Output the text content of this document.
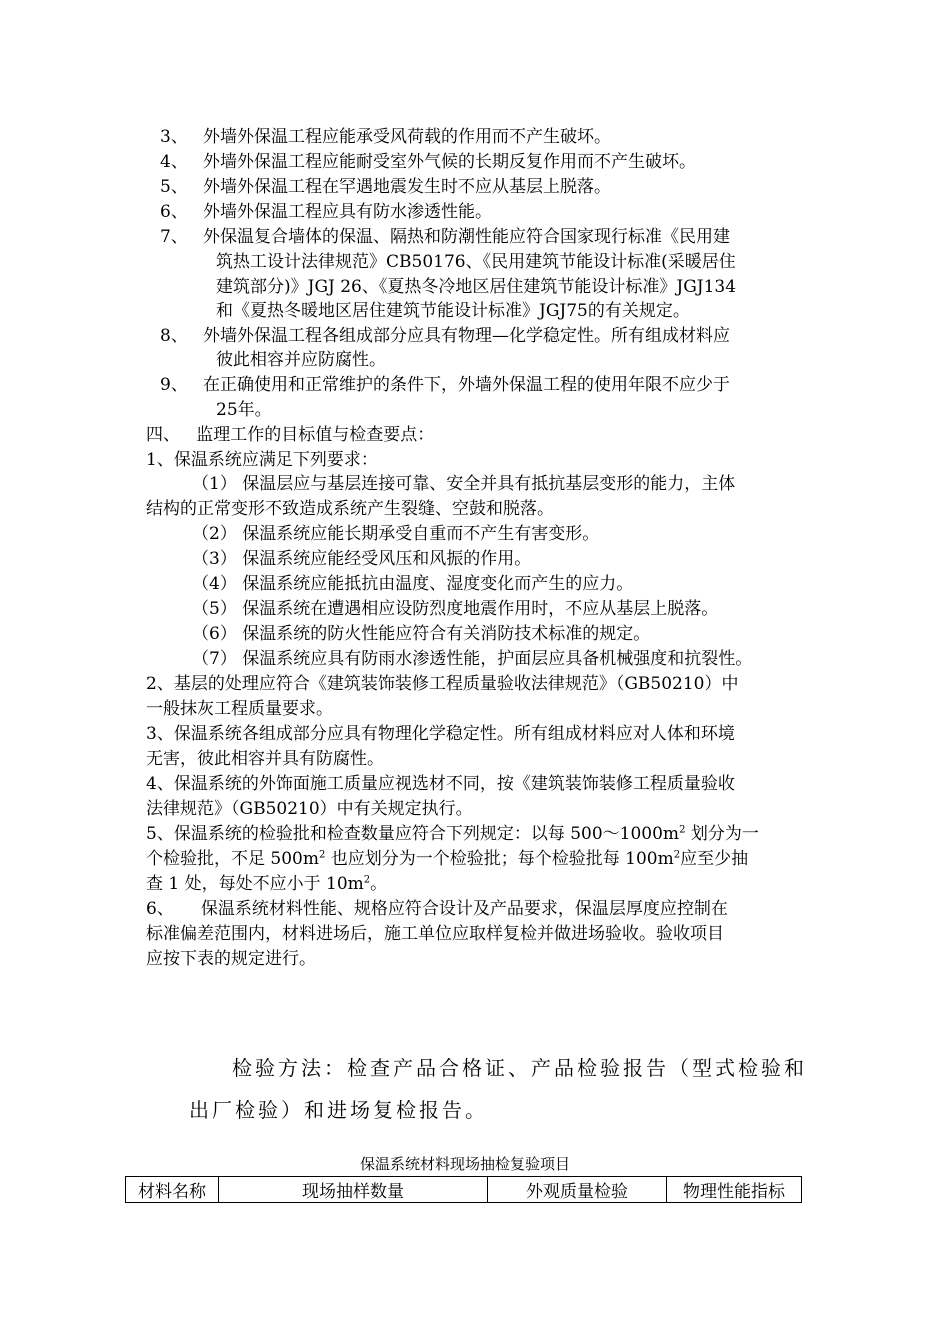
3、 外墙外保温工程应能承受风荷载的作用而不产生破坏。
4、 外墙外保温工程应能耐受室外气候的长期反复作用而不产生破坏。
5、 外墙外保温工程在罕遇地震发生时不应从基层上脱落。
6、 外墙外保温工程应具有防水渗透性能。
7、 外保温复合墙体的保温、隔热和防潮性能应符合国家现行标准《民用建
筑热工设计法律规范》CB50176、《民用建筑节能设计标准(采暖居住
建筑部分)》JGJ 26、《夏热冬冷地区居住建筑节能设计标准》JGJ134
和《夏热冬暖地区居住建筑节能设计标准》JGJ75的有关规定。
8、 外墙外保温工程各组成部分应具有物理—化学稳定性。所有组成材料应
彼此相容并应防腐性。
9、 在正确使用和正常维护的条件下，外墙外保温工程的使用年限不应少于
25年。
四、   监理工作的目标值与检查要点：
1、保温系统应满足下列要求：
（1） 保温层应与基层连接可靠、安全并具有抵抗基层变形的能力，主体
结构的正常变形不致造成系统产生裂缝、空鼓和脱落。
（2） 保温系统应能长期承受自重而不产生有害变形。
（3） 保温系统应能经受风压和风振的作用。
（4） 保温系统应能抵抗由温度、湿度变化而产生的应力。
（5） 保温系统在遭遇相应设防烈度地震作用时，不应从基层上脱落。
（6） 保温系统的防火性能应符合有关消防技术标准的规定。
（7） 保温系统应具有防雨水渗透性能，护面层应具备机械强度和抗裂性。
2、基层的处理应符合《建筑装饰装修工程质量验收法律规范》（GB50210）中
一般抹灰工程质量要求。
3、保温系统各组成部分应具有物理化学稳定性。所有组成材料应对人体和环境
无害，彼此相容并具有防腐性。
4、保温系统的外饰面施工质量应视选材不同，按《建筑装饰装修工程质量验收
法律规范》（GB50210）中有关规定执行。
5、保温系统的检验批和检查数量应符合下列规定：以每 $500\sim 1000m^2$ 划分为一
个检验批，不足 $500m^2$ 也应划分为一个检验批；每个检验批每 $100m^2$应至少抽
查 1 处，每处不应小于 $10m^2$。
6、     保温系统材料性能、规格应符合设计及产品要求，保温层厚度应控制在
标准偏差范围内，材料进场后，施工单位应取样复检并做进场验收。验收项目
应按下表的规定进行。
检验方法：检查产品合格证、产品检验报告（型式检验和
出厂检验）和进场复检报告。
保温系统材料现场抽检复验项目
材料名称	现场抽样数量	外观质量检验	物理性能指标
